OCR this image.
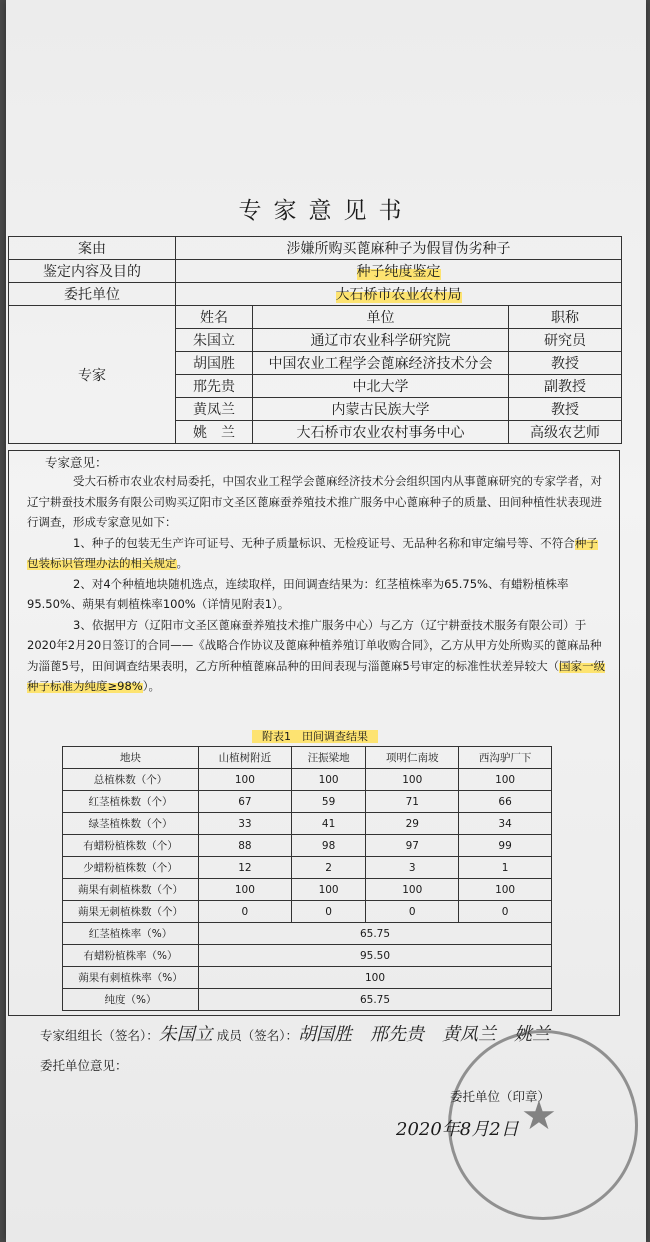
专家意见书
案由	涉嫌所购买蓖麻种子为假冒伪劣种子		
鉴定内容及目的	种子纯度鉴定		
委托单位	大石桥市农业农村局		
专家	姓名	单位	职称
	朱国立	通辽市农业科学研究院	研究员
	胡国胜	中国农业工程学会蓖麻经济技术分会	教授
	邢先贵	中北大学	副教授
	黄凤兰	内蒙古民族大学	教授
	姚　兰	大石桥市农业农村事务中心	高级农艺师
专家意见：

受大石桥市农业农村局委托，中国农业工程学会蓖麻经济技术分会组织国内从事蓖麻研究的专家学者，对辽宁耕蚕技术服务有限公司购买辽阳市文圣区蓖麻蚕养殖技术推广服务中心蓖麻种子的质量、田间种植性状表现进行调查，形成专家意见如下：

1、种子的包装无生产许可证号、无种子质量标识、无检疫证号、无品种名称和审定编号等、不符合种子包装标识管理办法的相关规定。

2、对4个种植地块随机选点，连续取样，田间调查结果为：红茎植株率为65.75%、有蜡粉植株率95.50%、蒴果有刺植株率100%（详情见附表1）。

3、依据甲方（辽阳市文圣区蓖麻蚕养殖技术推广服务中心）与乙方（辽宁耕蚕技术服务有限公司）于2020年2月20日签订的合同——《战略合作协议及蓖麻种植养殖订单收购合同》，乙方从甲方处所购买的蓖麻品种为淄蓖5号，田间调查结果表明，乙方所种植蓖麻品种的田间表现与淄蓖麻5号审定的标准性状差异较大（国家一级种子标准为纯度≥98%）。

附表1　田间调查结果
地块	山植树附近	汪振梁地	项明仁南坡	西沟驴厂下
总植株数（个）	100	100	100	100
红茎植株数（个）	67	59	71	66
绿茎植株数（个）	33	41	29	34
有蜡粉植株数（个）	88	98	97	99
少蜡粉植株数（个）	12	2	3	1
蒴果有刺植株数（个）	100	100	100	100
蒴果无刺植株数（个）	0	0	0	0
红茎植株率（%）	65.75			
有蜡粉植株率（%）	95.50			
蒴果有刺植株率（%）	100			
纯度（%）	65.75			
专家组组长（签名）：朱国立 成员（签名）：胡国胜　邢先贵　黄凤兰　姚兰
委托单位意见：
★
委托单位（印章）
2020年8月2日
